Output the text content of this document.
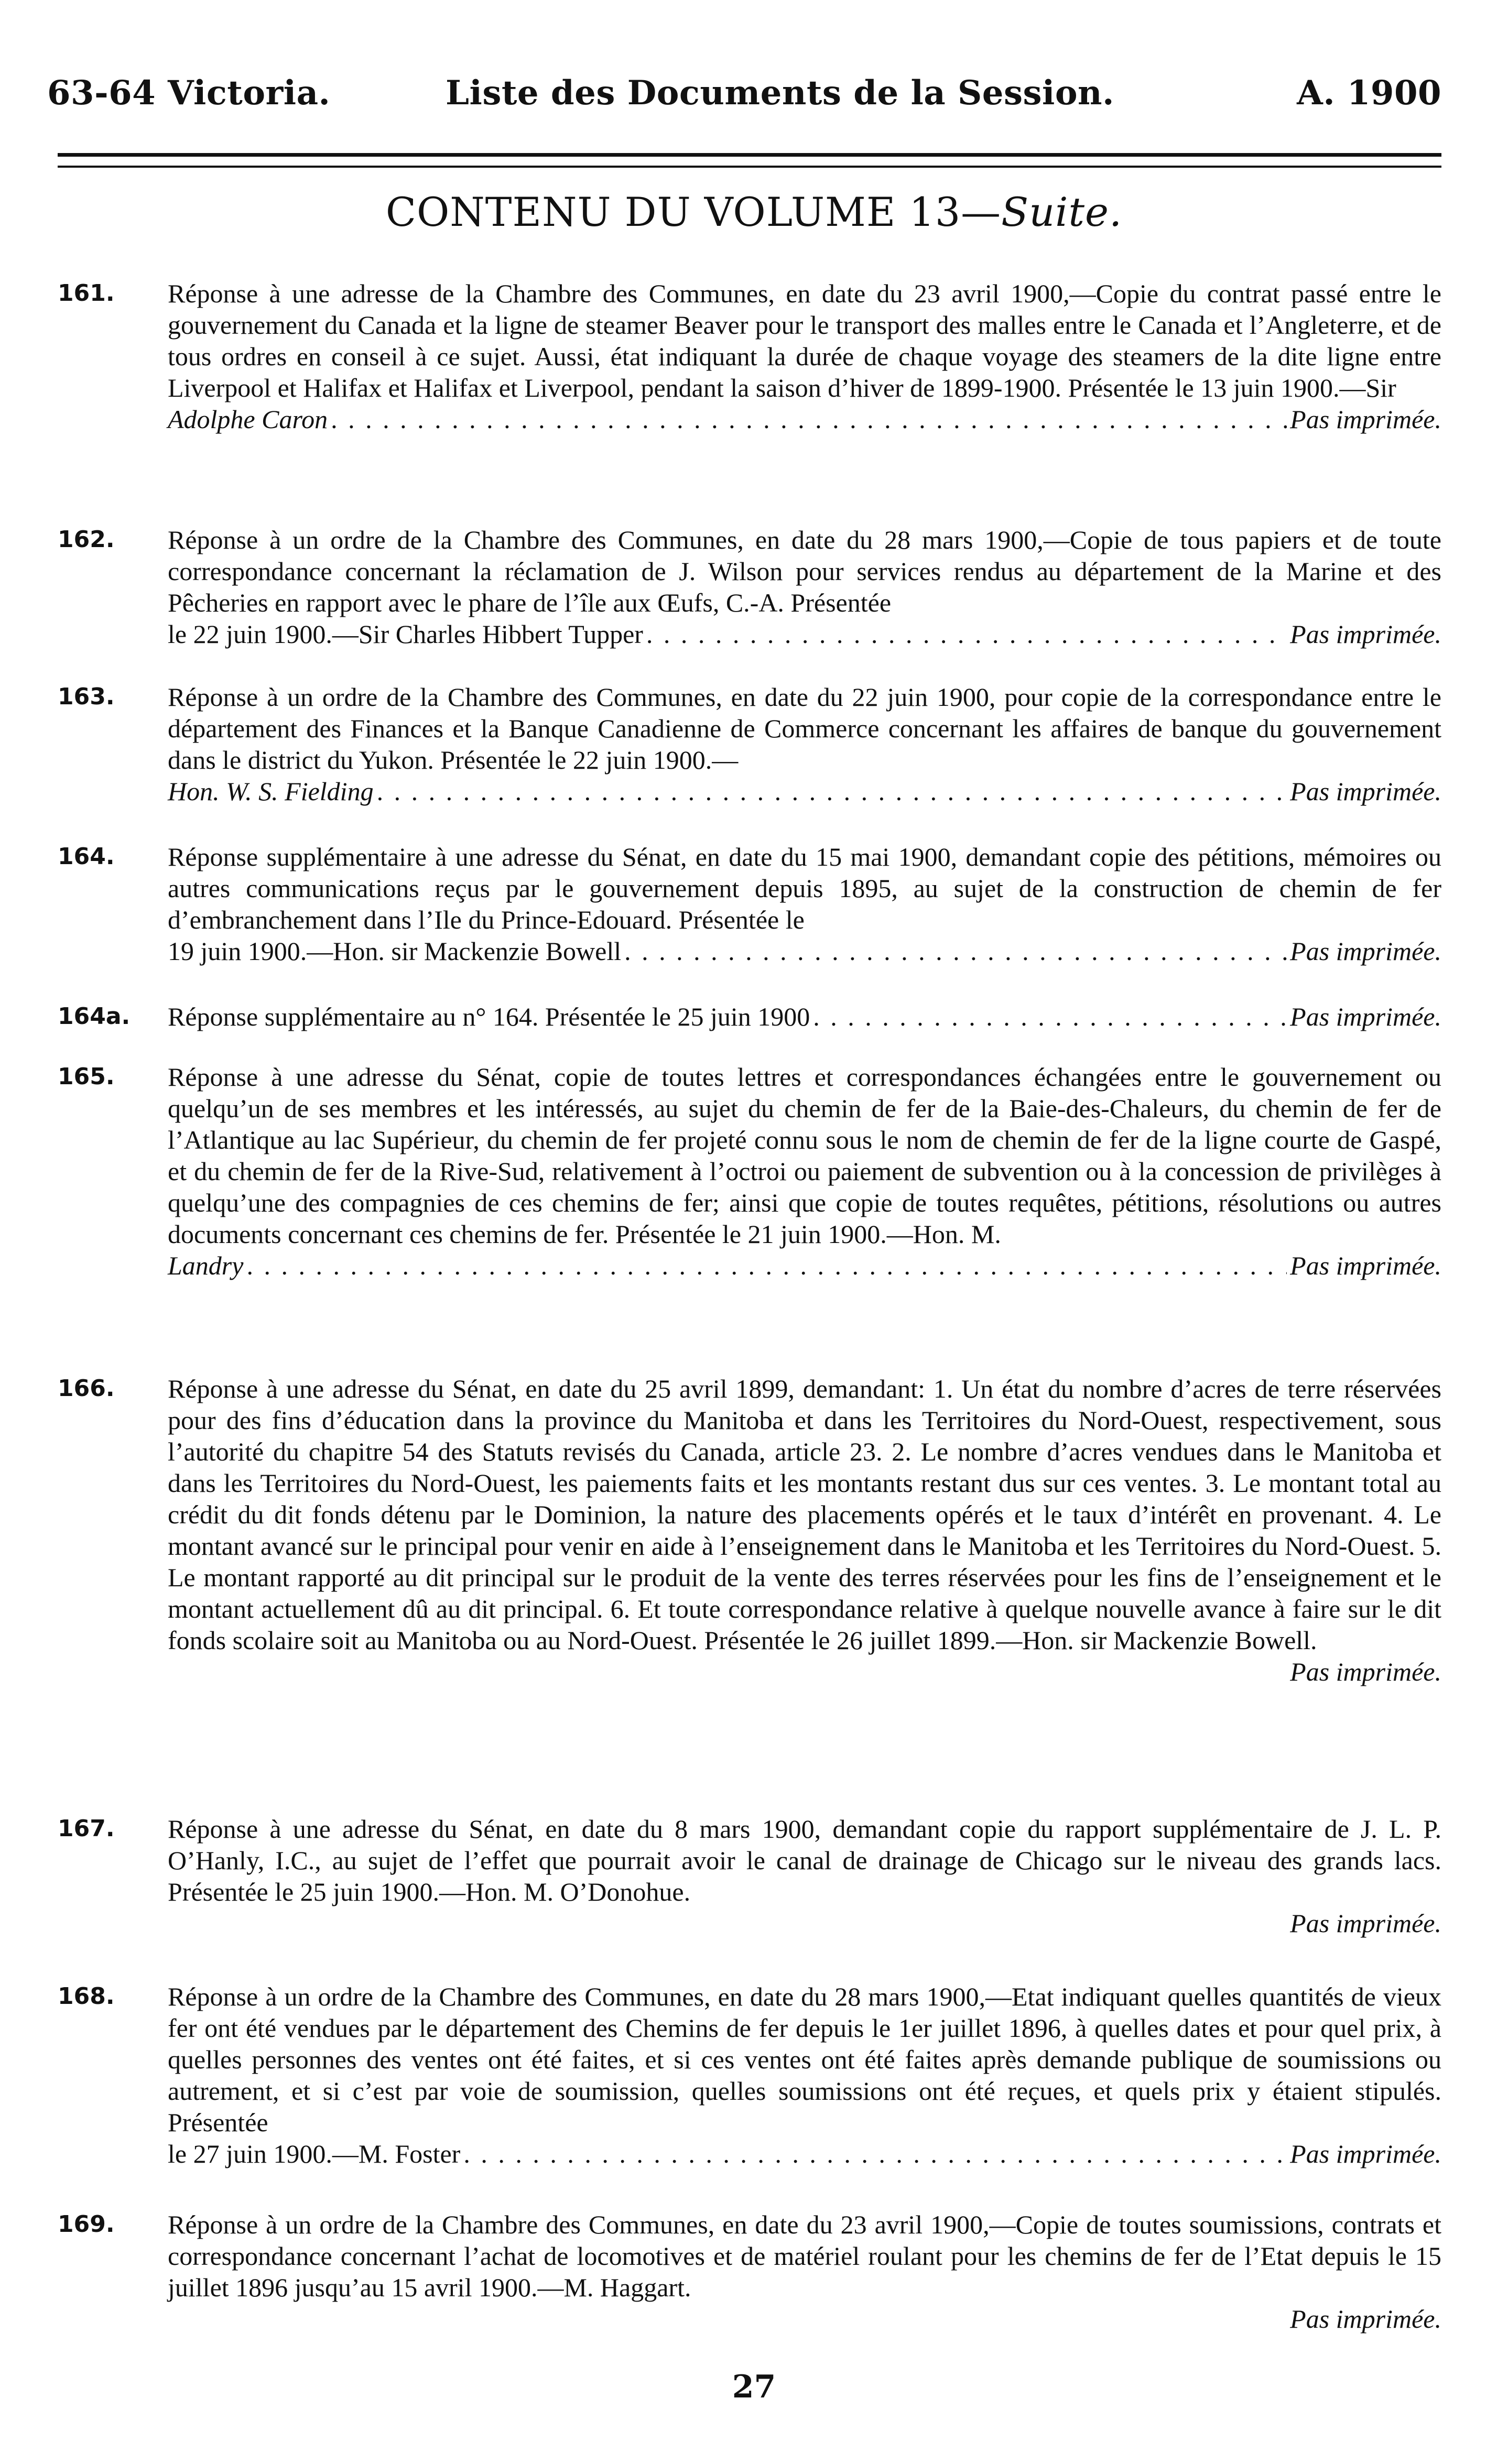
63-64 Victoria.	Liste des Documents de la Session.	A. 1900
CONTENU DU VOLUME 13—Suite.
161. Réponse à une adresse de la Chambre des Communes, en date du 23 avril 1900,—Copie du contrat passé entre le gouvernement du Canada et la ligne de steamer Beaver pour le transport des malles entre le Canada et l’Angleterre, et de tous ordres en conseil à ce sujet. Aussi, état indiquant la durée de chaque voyage des steamers de la dite ligne entre Liverpool et Halifax et Halifax et Liverpool, pendant la saison d’hiver de 1899-1900. Présentée le 13 juin 1900.—Sir
Adolphe Caron . . .	Pas imprimée.
162. Réponse à un ordre de la Chambre des Communes, en date du 28 mars 1900,—Copie de tous papiers et de toute correspondance concernant la réclamation de J. Wilson pour services rendus au département de la Marine et des Pêcheries en rapport avec le phare de l’île aux Œufs, C.-A. Présentée
le 22 juin 1900.—Sir Charles Hibbert Tupper . . .	Pas imprimée.
163. Réponse à un ordre de la Chambre des Communes, en date du 22 juin 1900, pour copie de la correspondance entre le département des Finances et la Banque Canadienne de Commerce concernant les affaires de banque du gouvernement dans le district du Yukon. Présentée le 22 juin 1900.—
Hon. W. S. Fielding . . .	Pas imprimée.
164. Réponse supplémentaire à une adresse du Sénat, en date du 15 mai 1900, demandant copie des pétitions, mémoires ou autres communications reçus par le gouvernement depuis 1895, au sujet de la construction de chemin de fer d’embranchement dans l’Ile du Prince-Edouard. Présentée le
19 juin 1900.—Hon. sir Mackenzie Bowell . . .	Pas imprimée.
164a. Réponse supplémentaire au n° 164. Présentée le 25 juin 1900 . . .	Pas imprimée.
165. Réponse à une adresse du Sénat, copie de toutes lettres et correspondances échangées entre le gouvernement ou quelqu’un de ses membres et les intéressés, au sujet du chemin de fer de la Baie-des-Chaleurs, du chemin de fer de l’Atlantique au lac Supérieur, du chemin de fer projeté connu sous le nom de chemin de fer de la ligne courte de Gaspé, et du chemin de fer de la Rive-Sud, relativement à l’octroi ou paiement de subvention ou à la concession de privilèges à quelqu’une des compagnies de ces chemins de fer; ainsi que copie de toutes requêtes, pétitions, résolutions ou autres documents concernant ces chemins de fer. Présentée le 21 juin 1900.—Hon. M.
Landry . . .	Pas imprimée.
166. Réponse à une adresse du Sénat, en date du 25 avril 1899, demandant: 1. Un état du nombre d’acres de terre réservées pour des fins d’éducation dans la province du Manitoba et dans les Territoires du Nord-Ouest, respectivement, sous l’autorité du chapitre 54 des Statuts revisés du Canada, article 23. 2. Le nombre d’acres vendues dans le Manitoba et dans les Territoires du Nord-Ouest, les paiements faits et les montants restant dus sur ces ventes. 3. Le montant total au crédit du dit fonds détenu par le Dominion, la nature des placements opérés et le taux d’intérêt en provenant. 4. Le montant avancé sur le principal pour venir en aide à l’enseignement dans le Manitoba et les Territoires du Nord-Ouest. 5. Le montant rapporté au dit principal sur le produit de la vente des terres réservées pour les fins de l’enseignement et le montant actuellement dû au dit principal. 6. Et toute correspondance relative à quelque nouvelle avance à faire sur le dit fonds scolaire soit au Manitoba ou au Nord-Ouest. Présentée le 26 juillet 1899.—Hon. sir Mackenzie Bowell.
Pas imprimée.
167. Réponse à une adresse du Sénat, en date du 8 mars 1900, demandant copie du rapport supplémentaire de J. L. P. O’Hanly, I.C., au sujet de l’effet que pourrait avoir le canal de drainage de Chicago sur le niveau des grands lacs. Présentée le 25 juin 1900.—Hon. M. O’Donohue.
Pas imprimée.
168. Réponse à un ordre de la Chambre des Communes, en date du 28 mars 1900,—Etat indiquant quelles quantités de vieux fer ont été vendues par le département des Chemins de fer depuis le 1er juillet 1896, à quelles dates et pour quel prix, à quelles personnes des ventes ont été faites, et si ces ventes ont été faites après demande publique de soumissions ou autrement, et si c’est par voie de soumission, quelles soumissions ont été reçues, et quels prix y étaient stipulés. Présentée
le 27 juin 1900.—M. Foster . . .	Pas imprimée.
169. Réponse à un ordre de la Chambre des Communes, en date du 23 avril 1900,—Copie de toutes soumissions, contrats et correspondance concernant l’achat de locomotives et de matériel roulant pour les chemins de fer de l’Etat depuis le 15 juillet 1896 jusqu’au 15 avril 1900.—M. Haggart.
Pas imprimée.
27
